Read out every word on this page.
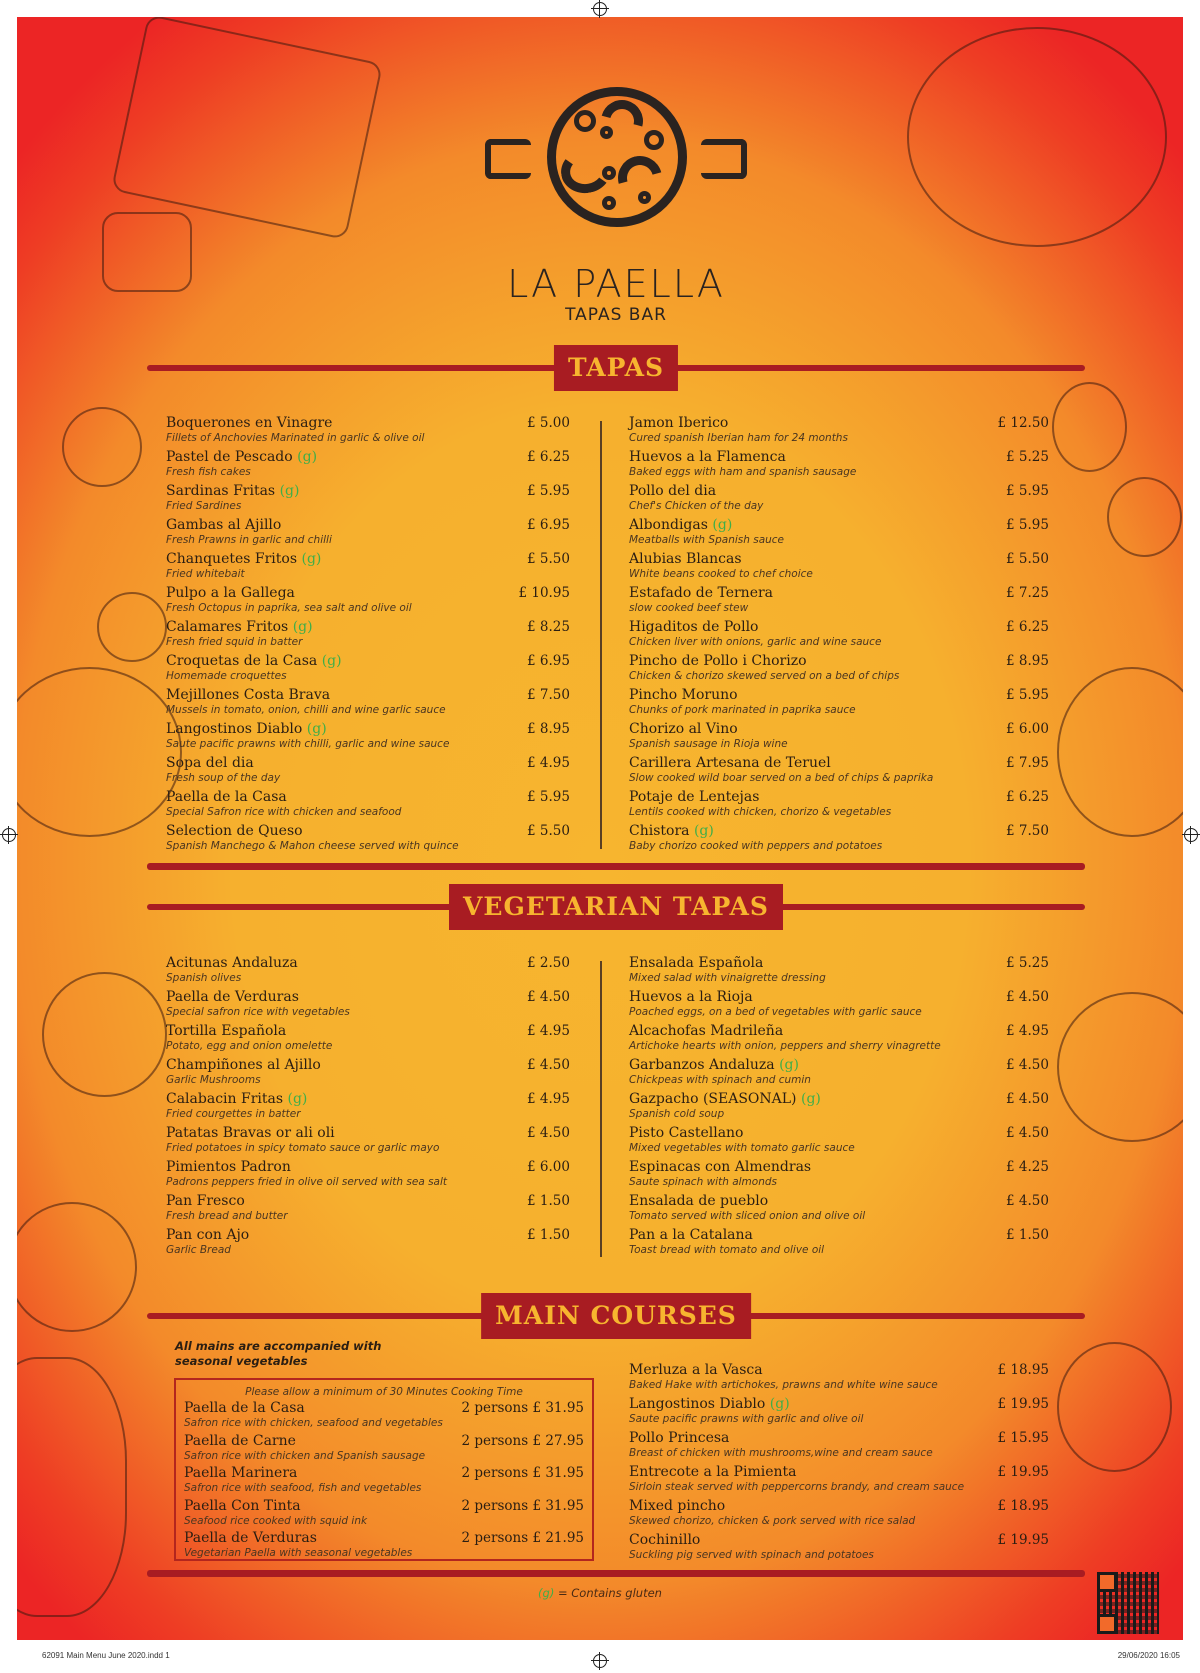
LA PAELLA
TAPAS BAR
TAPAS
Boquerones en Vinagre
Fillets of Anchovies Marinated in garlic & olive oil
£ 5.00
Pastel de Pescado (g)
Fresh fish cakes
£ 6.25
Sardinas Fritas (g)
Fried Sardines
£ 5.95
Gambas al Ajillo
Fresh Prawns in garlic and chilli
£ 6.95
Chanquetes Fritos (g)
Fried whitebait
£ 5.50
Pulpo a la Gallega
Fresh Octopus in paprika, sea salt and olive oil
£ 10.95
Calamares Fritos (g)
Fresh fried squid in batter
£ 8.25
Croquetas de la Casa (g)
Homemade croquettes
£ 6.95
Mejillones Costa Brava
Mussels in tomato, onion, chilli and wine garlic sauce
£ 7.50
Langostinos Diablo (g)
Saute pacific prawns with chilli, garlic and wine sauce
£ 8.95
Sopa del dia
Fresh soup of the day
£ 4.95
Paella de la Casa
Special Safron rice with chicken and seafood
£ 5.95
Selection de Queso
Spanish Manchego & Mahon cheese served with quince
£ 5.50
Jamon Iberico
Cured spanish Iberian ham for 24 months
£ 12.50
Huevos a la Flamenca
Baked eggs with ham and spanish sausage
£ 5.25
Pollo del dia
Chef's Chicken of the day
£ 5.95
Albondigas (g)
Meatballs with Spanish sauce
£ 5.95
Alubias Blancas
White beans cooked to chef choice
£ 5.50
Estafado de Ternera
slow cooked beef stew
£ 7.25
Higaditos de Pollo
Chicken liver with onions, garlic and wine sauce
£ 6.25
Pincho de Pollo i Chorizo
Chicken & chorizo skewed served on a bed of chips
£ 8.95
Pincho Moruno
Chunks of pork marinated in paprika sauce
£ 5.95
Chorizo al Vino
Spanish sausage in Rioja wine
£ 6.00
Carillera Artesana de Teruel
Slow cooked wild boar served on a bed of chips & paprika
£ 7.95
Potaje de Lentejas
Lentils cooked with chicken, chorizo & vegetables
£ 6.25
Chistora (g)
Baby chorizo cooked with peppers and potatoes
£ 7.50
VEGETARIAN TAPAS
Acitunas Andaluza
Spanish olives
£ 2.50
Paella de Verduras
Special safron rice with vegetables
£ 4.50
Tortilla Española
Potato, egg and onion omelette
£ 4.95
Champiñones al Ajillo
Garlic Mushrooms
£ 4.50
Calabacin Fritas (g)
Fried courgettes in batter
£ 4.95
Patatas Bravas or ali oli
Fried potatoes in spicy tomato sauce or garlic mayo
£ 4.50
Pimientos Padron
Padrons peppers fried in olive oil served with sea salt
£ 6.00
Pan Fresco
Fresh bread and butter
£ 1.50
Pan con Ajo
Garlic Bread
£ 1.50
Ensalada Española
Mixed salad with vinaigrette dressing
£ 5.25
Huevos a la Rioja
Poached eggs, on a bed of vegetables with garlic sauce
£ 4.50
Alcachofas Madrileña
Artichoke hearts with onion, peppers and sherry vinagrette
£ 4.95
Garbanzos Andaluza (g)
Chickpeas with spinach and cumin
£ 4.50
Gazpacho (SEASONAL) (g)
Spanish cold soup
£ 4.50
Pisto Castellano
Mixed vegetables with tomato garlic sauce
£ 4.50
Espinacas con Almendras
Saute spinach with almonds
£ 4.25
Ensalada de pueblo
Tomato served with sliced onion and olive oil
£ 4.50
Pan a la Catalana
Toast bread with tomato and olive oil
£ 1.50
MAIN COURSES
All mains are accompanied with seasonal vegetables
Please allow a minimum of 30 Minutes Cooking Time
Paella de la Casa
Safron rice with chicken, seafood and vegetables
2 persons £ 31.95
Paella de Carne
Safron rice with chicken and Spanish sausage
2 persons £ 27.95
Paella Marinera
Safron rice with seafood, fish and vegetables
2 persons £ 31.95
Paella Con Tinta
Seafood rice cooked with squid ink
2 persons £ 31.95
Paella de Verduras
Vegetarian Paella with seasonal vegetables
2 persons £ 21.95
Merluza a la Vasca
Baked Hake with artichokes, prawns and white wine sauce
£ 18.95
Langostinos Diablo (g)
Saute pacific prawns with garlic and olive oil
£ 19.95
Pollo Princesa
Breast of chicken with mushrooms,wine and cream sauce
£ 15.95
Entrecote a la Pimienta
Sirloin steak served with peppercorns brandy, and cream sauce
£ 19.95
Mixed pincho
Skewed chorizo, chicken & pork served with rice salad
£ 18.95
Cochinillo
Suckling pig served with spinach and potatoes
£ 19.95
(g) = Contains gluten
62091 Main Menu June 2020.indd 1	29/06/2020 16:05
